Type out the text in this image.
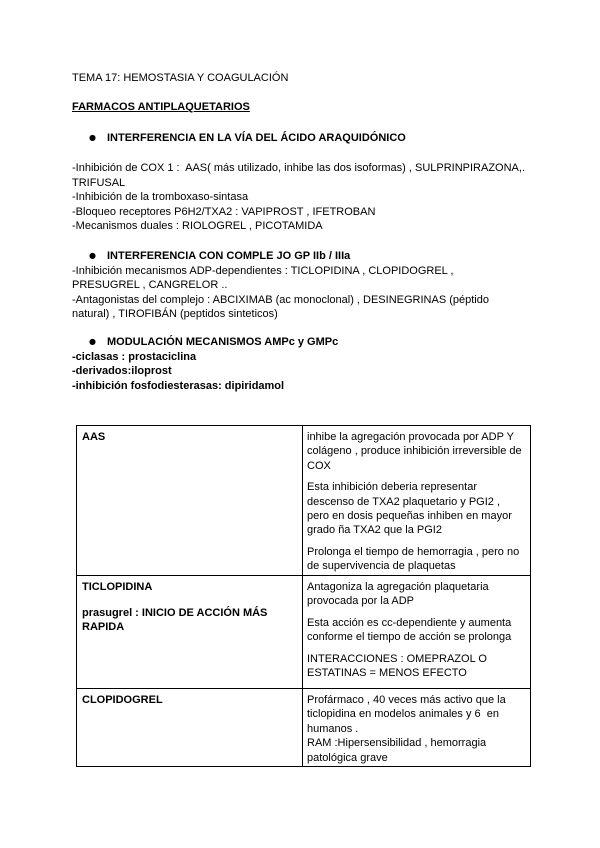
TEMA 17: HEMOSTASIA Y COAGULACIÓN
FARMACOS ANTIPLAQUETARIOS
● INTERFERENCIA EN LA VÍA DEL ÁCIDO ARAQUIDÓNICO
-Inhibición de COX 1 :  AAS( más utilizado, inhibe las dos isoformas) , SULPRINPIRAZONA,.
TRIFUSAL
-Inhibición de la tromboxaso-sintasa
-Bloqueo receptores P6H2/TXA2 : VAPIPROST , IFETROBAN
-Mecanismos duales : RIOLOGREL , PICOTAMIDA
● INTERFERENCIA CON COMPLE JO GP IIb / IIIa
-Inhibición mecanismos ADP-dependientes : TICLOPIDINA , CLOPIDOGREL ,
PRESUGREL , CANGRELOR ..
-Antagonistas del complejo : ABCIXIMAB (ac monoclonal) , DESINEGRINAS (péptido
natural) , TIROFIBÁN (peptidos sinteticos)
● MODULACIÓN MECANISMOS AMPc y GMPc
-ciclasas : prostaciclina
-derivados:iloprost
-inhibición fosfodiesterasas: dipiridamol
AAS	inhibe la agregación provocada por ADP Y
colágeno , produce inhibición irreversible de
COX
Esta inhibición deberia representar
descenso de TXA2 plaquetario y PGI2 ,
pero en dosis pequeñas inhiben en mayor
grado ña TXA2 que la PGI2
Prolonga el tiempo de hemorragia , pero no
de supervivencia de plaquetas
TICLOPIDINA
prasugrel : INICIO DE ACCIÓN MÁS
RAPIDA
Antagoniza la agregación plaquetaria
provocada por la ADP
Esta acción es cc-dependiente y aumenta
conforme el tiempo de acción se prolonga
INTERACCIONES : OMEPRAZOL O
ESTATINAS = MENOS EFECTO
CLOPIDOGREL	Profármaco , 40 veces más activo que la
ticlopidina en modelos animales y 6  en
humanos .
RAM :Hipersensibilidad , hemorragia
patológica grave
